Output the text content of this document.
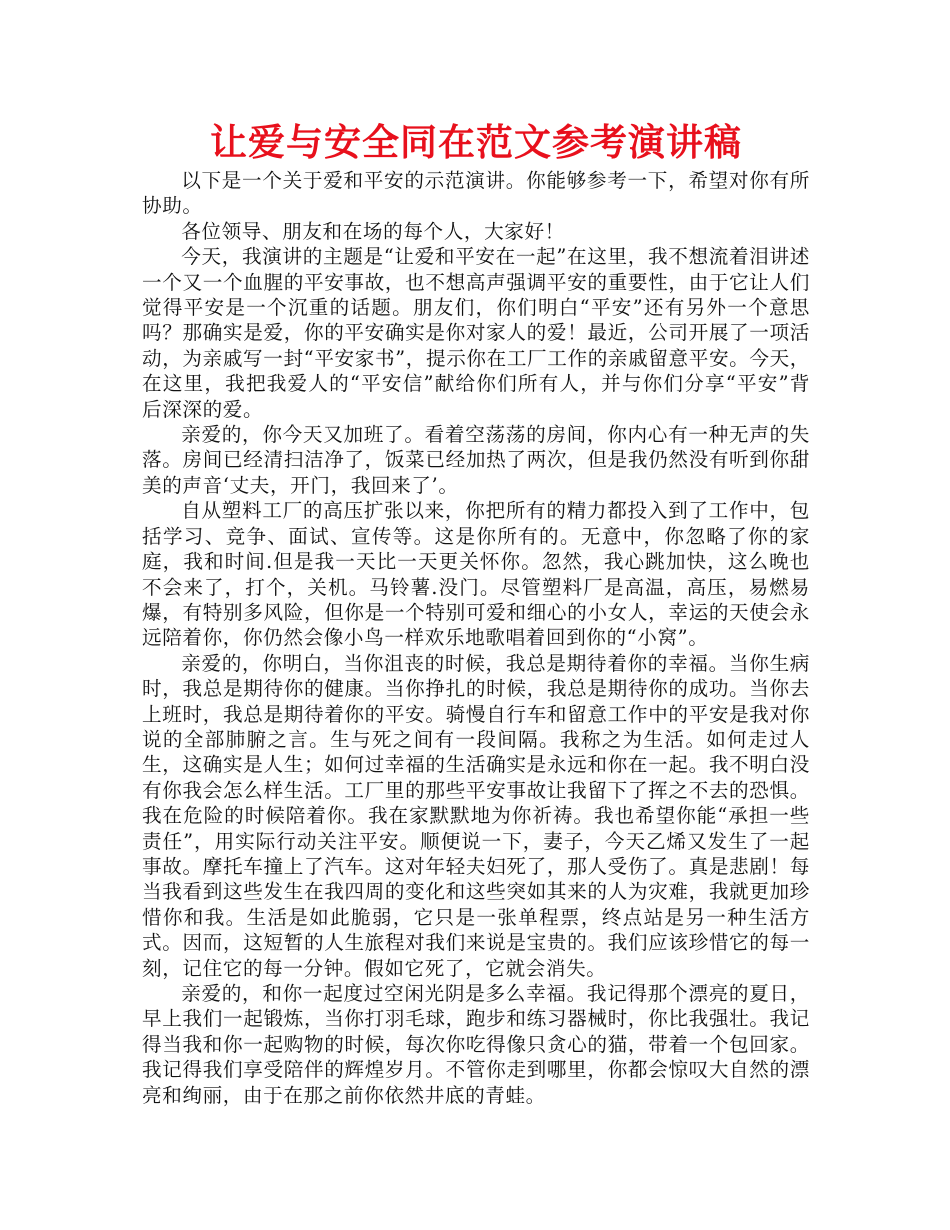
让爱与安全同在范文参考演讲稿

以下是一个关于爱和平安的示范演讲。你能够参考一下，希望对你有所协助。

各位领导、朋友和在场的每个人，大家好！

今天，我演讲的主题是“让爱和平安在一起”在这里，我不想流着泪讲述一个又一个血腥的平安事故，也不想高声强调平安的重要性，由于它让人们觉得平安是一个沉重的话题。朋友们，你们明白“平安”还有另外一个意思吗？那确实是爱，你的平安确实是你对家人的爱！最近，公司开展了一项活动，为亲戚写一封“平安家书”，提示你在工厂工作的亲戚留意平安。今天，在这里，我把我爱人的“平安信”献给你们所有人，并与你们分享“平安”背后深深的爱。

亲爱的，你今天又加班了。看着空荡荡的房间，你内心有一种无声的失落。房间已经清扫洁净了，饭菜已经加热了两次，但是我仍然没有听到你甜美的声音‘丈夫，开门，我回来了’。

自从塑料工厂的高压扩张以来，你把所有的精力都投入到了工作中，包括学习、竞争、面试、宣传等。这是你所有的。无意中，你忽略了你的家庭，我和时间.但是我一天比一天更关怀你。忽然，我心跳加快，这么晚也不会来了，打个，关机。马铃薯.没门。尽管塑料厂是高温，高压，易燃易爆，有特别多风险，但你是一个特别可爱和细心的小女人，幸运的天使会永远陪着你，你仍然会像小鸟一样欢乐地歌唱着回到你的“小窝”。

亲爱的，你明白，当你沮丧的时候，我总是期待着你的幸福。当你生病时，我总是期待你的健康。当你挣扎的时候，我总是期待你的成功。当你去上班时，我总是期待着你的平安。骑慢自行车和留意工作中的平安是我对你说的全部肺腑之言。生与死之间有一段间隔。我称之为生活。如何走过人生，这确实是人生；如何过幸福的生活确实是永远和你在一起。我不明白没有你我会怎么样生活。工厂里的那些平安事故让我留下了挥之不去的恐惧。我在危险的时候陪着你。我在家默默地为你祈祷。我也希望你能“承担一些责任”，用实际行动关注平安。顺便说一下，妻子，今天乙烯又发生了一起事故。摩托车撞上了汽车。这对年轻夫妇死了，那人受伤了。真是悲剧！每当我看到这些发生在我四周的变化和这些突如其来的人为灾难，我就更加珍惜你和我。生活是如此脆弱，它只是一张单程票，终点站是另一种生活方式。因而，这短暂的人生旅程对我们来说是宝贵的。我们应该珍惜它的每一刻，记住它的每一分钟。假如它死了，它就会消失。

亲爱的，和你一起度过空闲光阴是多么幸福。我记得那个漂亮的夏日，早上我们一起锻炼，当你打羽毛球，跑步和练习器械时，你比我强壮。我记得当我和你一起购物的时候，每次你吃得像只贪心的猫，带着一个包回家。我记得我们享受陪伴的辉煌岁月。不管你走到哪里，你都会惊叹大自然的漂亮和绚丽，由于在那之前你依然井底的青蛙。
